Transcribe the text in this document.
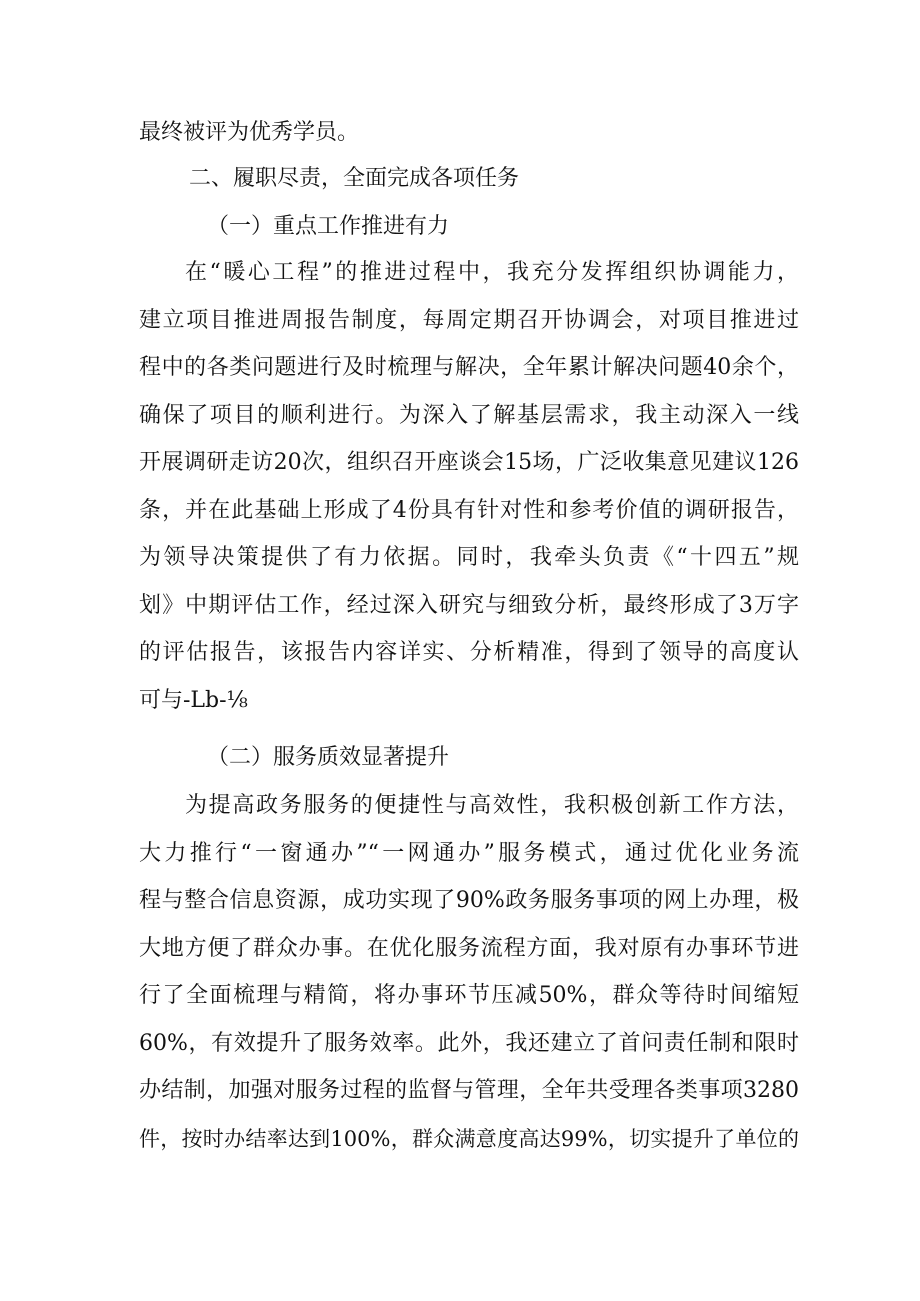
最终被评为优秀学员。
二、履职尽责，全面完成各项任务
（一）重点工作推进有力
在“暖心工程”的推进过程中，我充分发挥组织协调能力，
建立项目推进周报告制度，每周定期召开协调会，对项目推进过
程中的各类问题进行及时梳理与解决，全年累计解决问题40余个，
确保了项目的顺利进行。为深入了解基层需求，我主动深入一线
开展调研走访20次，组织召开座谈会15场，广泛收集意见建议126
条，并在此基础上形成了4份具有针对性和参考价值的调研报告，
为领导决策提供了有力依据。同时，我牵头负责《“十四五”规
划》中期评估工作，经过深入研究与细致分析，最终形成了3万字
的评估报告，该报告内容详实、分析精准，得到了领导的高度认
可与-Lb-⅛
（二）服务质效显著提升
为提高政务服务的便捷性与高效性，我积极创新工作方法，
大力推行“一窗通办”“一网通办”服务模式，通过优化业务流
程与整合信息资源，成功实现了90%政务服务事项的网上办理，极
大地方便了群众办事。在优化服务流程方面，我对原有办事环节进
行了全面梳理与精简，将办事环节压减50%，群众等待时间缩短
60%，有效提升了服务效率。此外，我还建立了首问责任制和限时
办结制，加强对服务过程的监督与管理，全年共受理各类事项3280
件，按时办结率达到100%，群众满意度高达99%，切实提升了单位的
